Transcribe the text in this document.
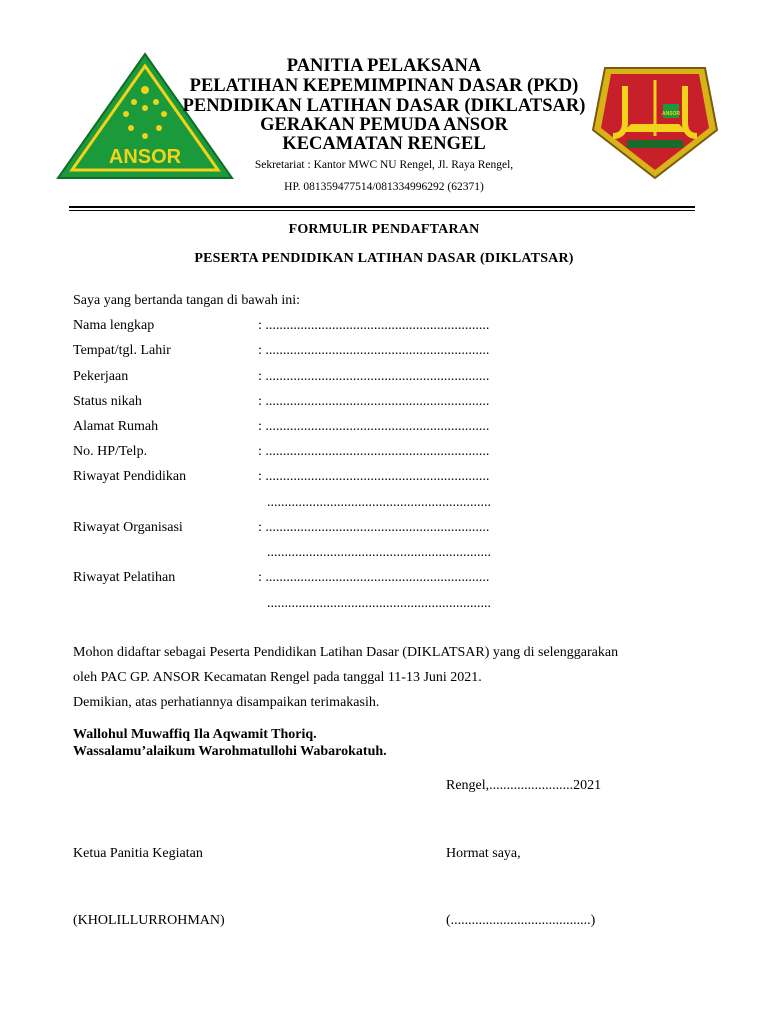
ANSOR
ANSOR
PANITIA PELAKSANA
PELATIHAN KEPEMIMPINAN DASAR (PKD)
PENDIDIKAN LATIHAN DASAR (DIKLATSAR)
GERAKAN PEMUDA ANSOR
KECAMATAN RENGEL
Sekretariat : Kantor MWC NU Rengel, Jl. Raya Rengel,
HP. 081359477514/081334996292 (62371)
FORMULIR PENDAFTARAN
PESERTA PENDIDIKAN LATIHAN DASAR (DIKLATSAR)
Saya yang bertanda tangan di bawah ini:
Nama lengkap	: ................................................................
Tempat/tgl. Lahir	: ................................................................
Pekerjaan	: ................................................................
Status nikah	: ................................................................
Alamat Rumah	: ................................................................
No. HP/Telp.	: ................................................................
Riwayat Pendidikan	: ................................................................
................................................................
Riwayat Organisasi	: ................................................................
................................................................
Riwayat Pelatihan	: ................................................................
................................................................
Mohon didaftar sebagai Peserta Pendidikan Latihan Dasar (DIKLATSAR) yang di selenggarakan
oleh PAC GP. ANSOR Kecamatan Rengel pada tanggal 11-13 Juni 2021.
Demikian, atas perhatiannya disampaikan terimakasih.
Wallohul Muwaffiq Ila Aqwamit Thoriq.
Wassalamu’alaikum Warohmatullohi Wabarokatuh.
Rengel,........................2021
Ketua Panitia Kegiatan	Hormat saya,
(KHOLILLURROHMAN)	(........................................)
